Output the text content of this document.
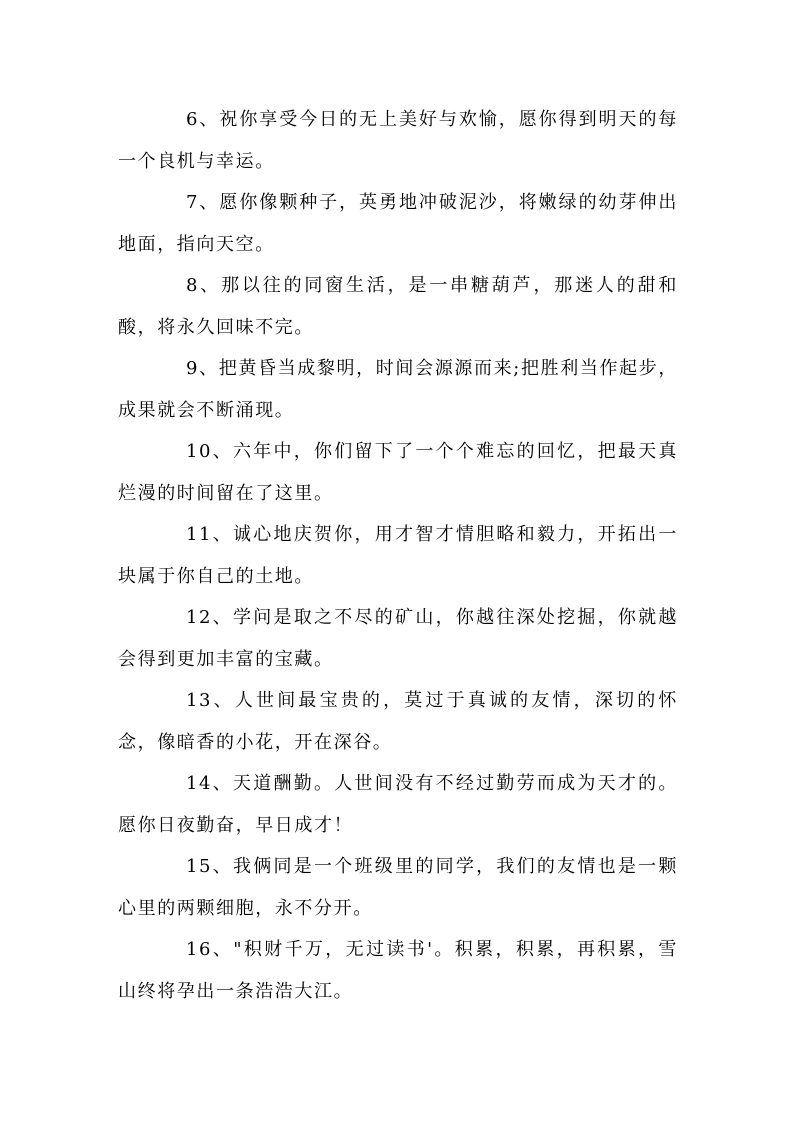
6、祝你享受今日的无上美好与欢愉，愿你得到明天的每一个良机与幸运。

7、愿你像颗种子，英勇地冲破泥沙，将嫩绿的幼芽伸出地面，指向天空。

8、那以往的同窗生活，是一串糖葫芦，那迷人的甜和酸，将永久回味不完。

9、把黄昏当成黎明，时间会源源而来;把胜利当作起步，成果就会不断涌现。

10、六年中，你们留下了一个个难忘的回忆，把最天真烂漫的时间留在了这里。

11、诚心地庆贺你，用才智才情胆略和毅力，开拓出一块属于你自己的土地。

12、学问是取之不尽的矿山，你越往深处挖掘，你就越会得到更加丰富的宝藏。

13、人世间最宝贵的，莫过于真诚的友情，深切的怀念，像暗香的小花，开在深谷。

14、天道酬勤。人世间没有不经过勤劳而成为天才的。愿你日夜勤奋，早日成才！

15、我俩同是一个班级里的同学，我们的友情也是一颗心里的两颗细胞，永不分开。

16、"积财千万，无过读书'。积累，积累，再积累，雪山终将孕出一条浩浩大江。
